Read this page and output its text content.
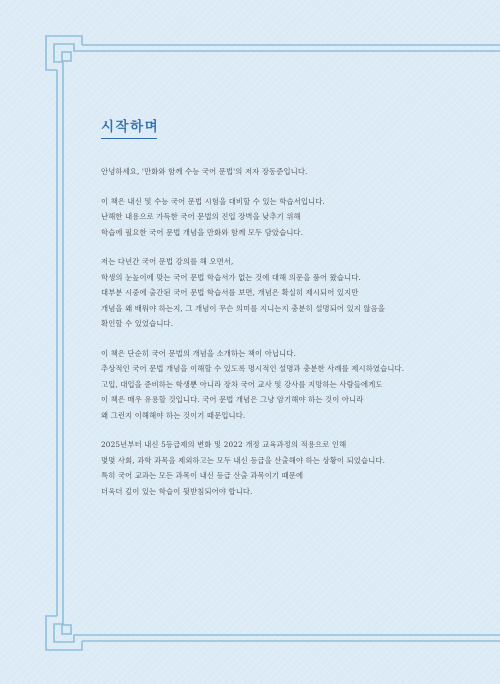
시작하며
안녕하세요, '만화와 함께 수능 국어 문법'의 저자 장동준입니다.
이 책은 내신 및 수능 국어 문법 시험을 대비할 수 있는 학습서입니다.
난해한 내용으로 가득한 국어 문법의 진입 장벽을 낮추기 위해
학습에 필요한 국어 문법 개념을 만화와 함께 모두 담았습니다.
저는 다년간 국어 문법 강의를 해 오면서,
학생의 눈높이에 맞는 국어 문법 학습서가 없는 것에 대해 의문을 품어 왔습니다.
대부분 시중에 출간된 국어 문법 학습서를 보면, 개념은 확실히 제시되어 있지만
개념을 왜 배워야 하는지, 그 개념이 무슨 의미를 지니는지 충분히 설명되어 있지 않음을
확인할 수 있었습니다.
이 책은 단순히 국어 문법의 개념을 소개하는 책이 아닙니다.
추상적인 국어 문법 개념을 이해할 수 있도록 명시적인 설명과 충분한 사례를 제시하였습니다.
고입, 대입을 준비하는 학생뿐 아니라 장차 국어 교사 및 강사를 지망하는 사람들에게도
이 책은 매우 유용할 것입니다. 국어 문법 개념은 그냥 암기해야 하는 것이 아니라
왜 그런지 이해해야 하는 것이기 때문입니다.
2025년부터 내신 5등급제의 변화 및 2022 개정 교육과정의 적용으로 인해
몇몇 사회, 과학 과목을 제외하고는 모두 내신 등급을 산출해야 하는 상황이 되었습니다.
특히 국어 교과는 모든 과목이 내신 등급 산출 과목이기 때문에
더욱더 깊이 있는 학습이 뒷받침되어야 합니다.
